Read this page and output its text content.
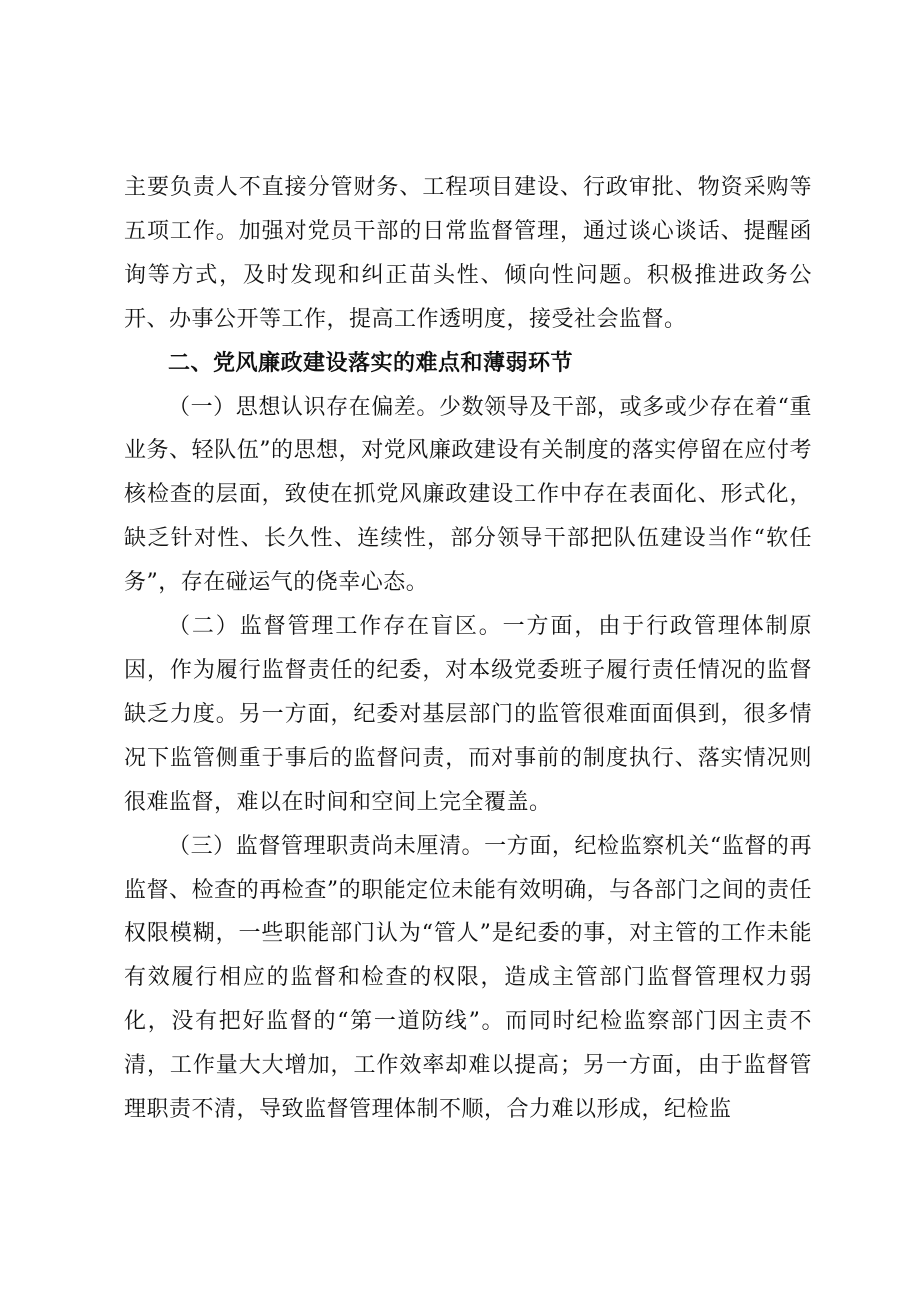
主要负责人不直接分管财务、工程项目建设、行政审批、物资采购等五项工作。加强对党员干部的日常监督管理，通过谈心谈话、提醒函询等方式，及时发现和纠正苗头性、倾向性问题。积极推进政务公开、办事公开等工作，提高工作透明度，接受社会监督。

二、党风廉政建设落实的难点和薄弱环节

（一）思想认识存在偏差。少数领导及干部，或多或少存在着“重业务、轻队伍”的思想，对党风廉政建设有关制度的落实停留在应付考核检查的层面，致使在抓党风廉政建设工作中存在表面化、形式化，缺乏针对性、长久性、连续性，部分领导干部把队伍建设当作“软任务”，存在碰运气的侥幸心态。

（二）监督管理工作存在盲区。一方面，由于行政管理体制原因，作为履行监督责任的纪委，对本级党委班子履行责任情况的监督缺乏力度。另一方面，纪委对基层部门的监管很难面面俱到，很多情况下监管侧重于事后的监督问责，而对事前的制度执行、落实情况则很难监督，难以在时间和空间上完全覆盖。

（三）监督管理职责尚未厘清。一方面，纪检监察机关“监督的再监督、检查的再检查”的职能定位未能有效明确，与各部门之间的责任权限模糊，一些职能部门认为“管人”是纪委的事，对主管的工作未能有效履行相应的监督和检查的权限，造成主管部门监督管理权力弱化，没有把好监督的“第一道防线”。而同时纪检监察部门因主责不清，工作量大大增加，工作效率却难以提高；另一方面，由于监督管理职责不清，导致监督管理体制不顺，合力难以形成，纪检监
